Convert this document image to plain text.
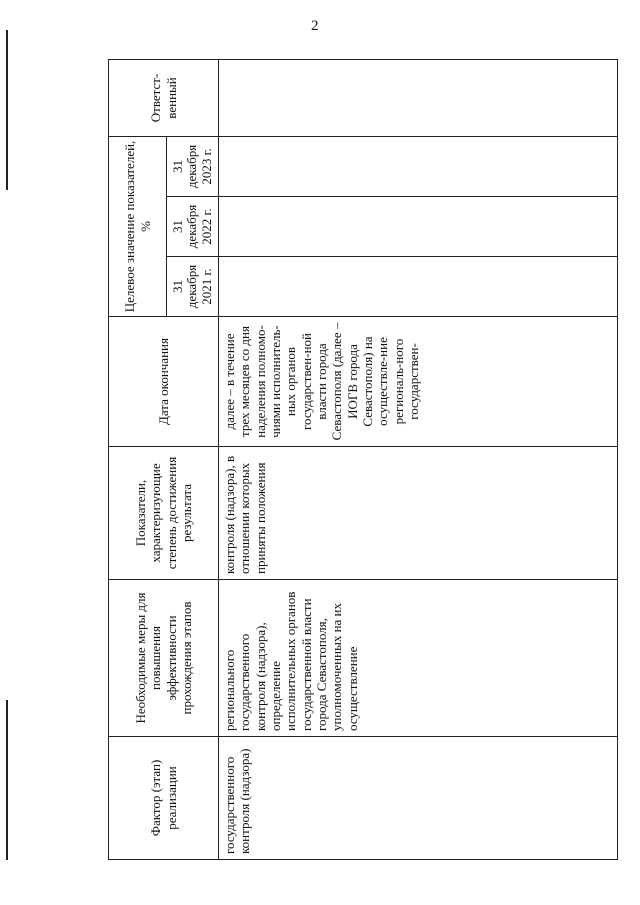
2
Фактор (этап) реализации	Необходимые меры для повышения эффективности прохождения этапов	Показатели, характеризующие степень достижения результата	Дата окончания	Целевое значение показателей, %			Ответст-венный
				31 декабря 2021 г.	31 декабря 2022 г.	31 декабря 2023 г.	

государственного контроля (надзора)	регионального государственного контроля (надзора), определение исполнительных органов государственной власти города Севастополя, уполномоченных на их осуществление	контроля (надзора), в отношении которых приняты положения	далее – в течение трех месяцев со дня наделения полномо-чиями исполнитель-ных органов государствен-ной власти города Севастополя (далее – ИОГВ города Севастополя) на осуществле-ние региональ-ного государствен-				
